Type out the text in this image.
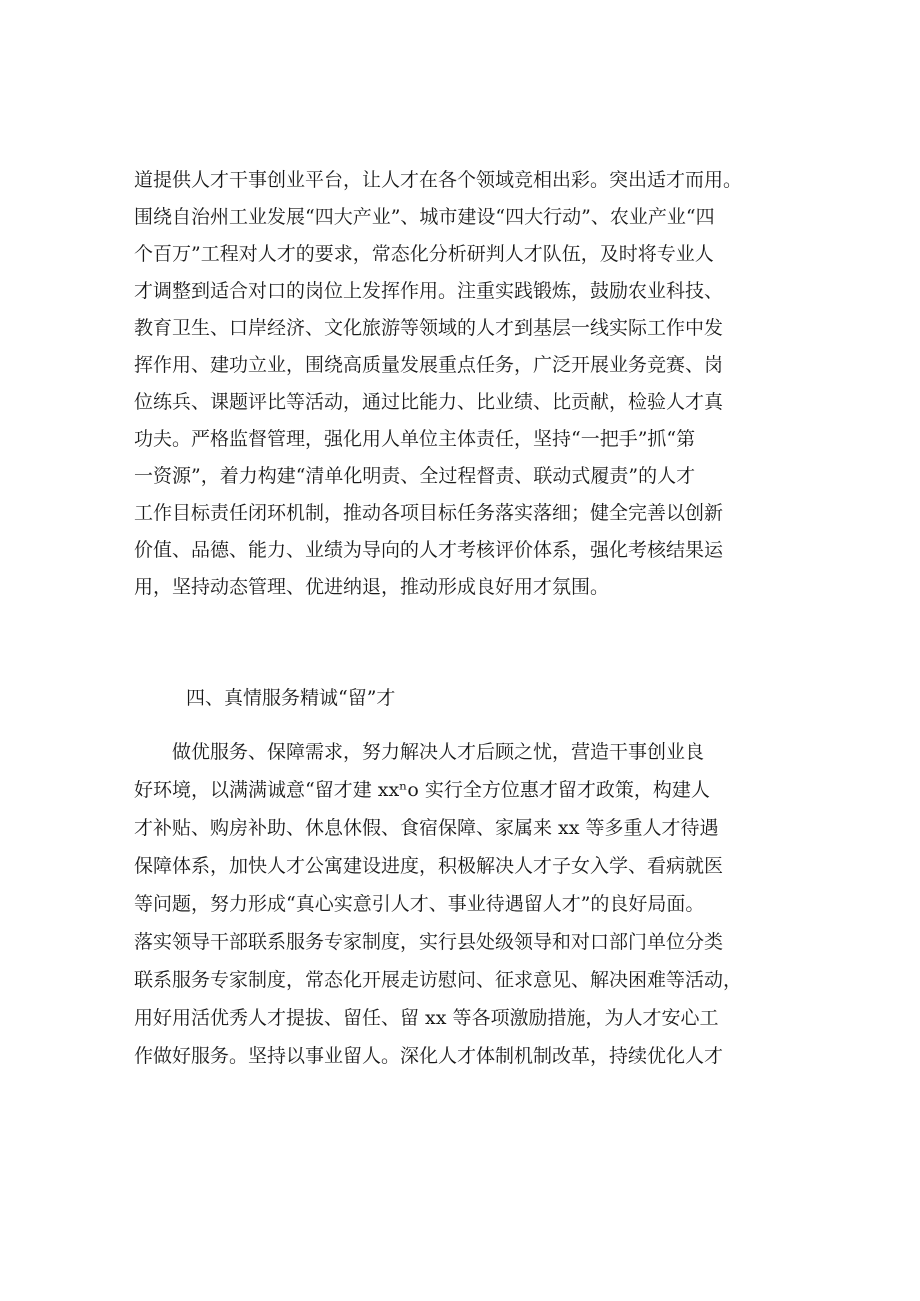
道提供人才干事创业平台，让人才在各个领域竞相出彩。突出适才而用。
围绕自治州工业发展“四大产业”、城市建设“四大行动”、农业产业“四
个百万”工程对人才的要求，常态化分析研判人才队伍，及时将专业人
才调整到适合对口的岗位上发挥作用。注重实践锻炼，鼓励农业科技、
教育卫生、口岸经济、文化旅游等领域的人才到基层一线实际工作中发
挥作用、建功立业，围绕高质量发展重点任务，广泛开展业务竞赛、岗
位练兵、课题评比等活动，通过比能力、比业绩、比贡献，检验人才真
功夫。严格监督管理，强化用人单位主体责任，坚持“一把手”抓“第
一资源”，着力构建“清单化明责、全过程督责、联动式履责”的人才
工作目标责任闭环机制，推动各项目标任务落实落细；健全完善以创新
价值、品德、能力、业绩为导向的人才考核评价体系，强化考核结果运
用，坚持动态管理、优进纳退，推动形成良好用才氛围。
四、真情服务精诚“留”才
做优服务、保障需求，努力解决人才后顾之忧，营造干事创业良
好环境，以满满诚意“留才建 xxⁿo 实行全方位惠才留才政策，构建人
才补贴、购房补助、休息休假、食宿保障、家属来 xx 等多重人才待遇
保障体系，加快人才公寓建设进度，积极解决人才子女入学、看病就医
等问题，努力形成“真心实意引人才、事业待遇留人才”的良好局面。
落实领导干部联系服务专家制度，实行县处级领导和对口部门单位分类
联系服务专家制度，常态化开展走访慰问、征求意见、解决困难等活动，
用好用活优秀人才提拔、留任、留 xx 等各项激励措施，为人才安心工
作做好服务。坚持以事业留人。深化人才体制机制改革，持续优化人才
